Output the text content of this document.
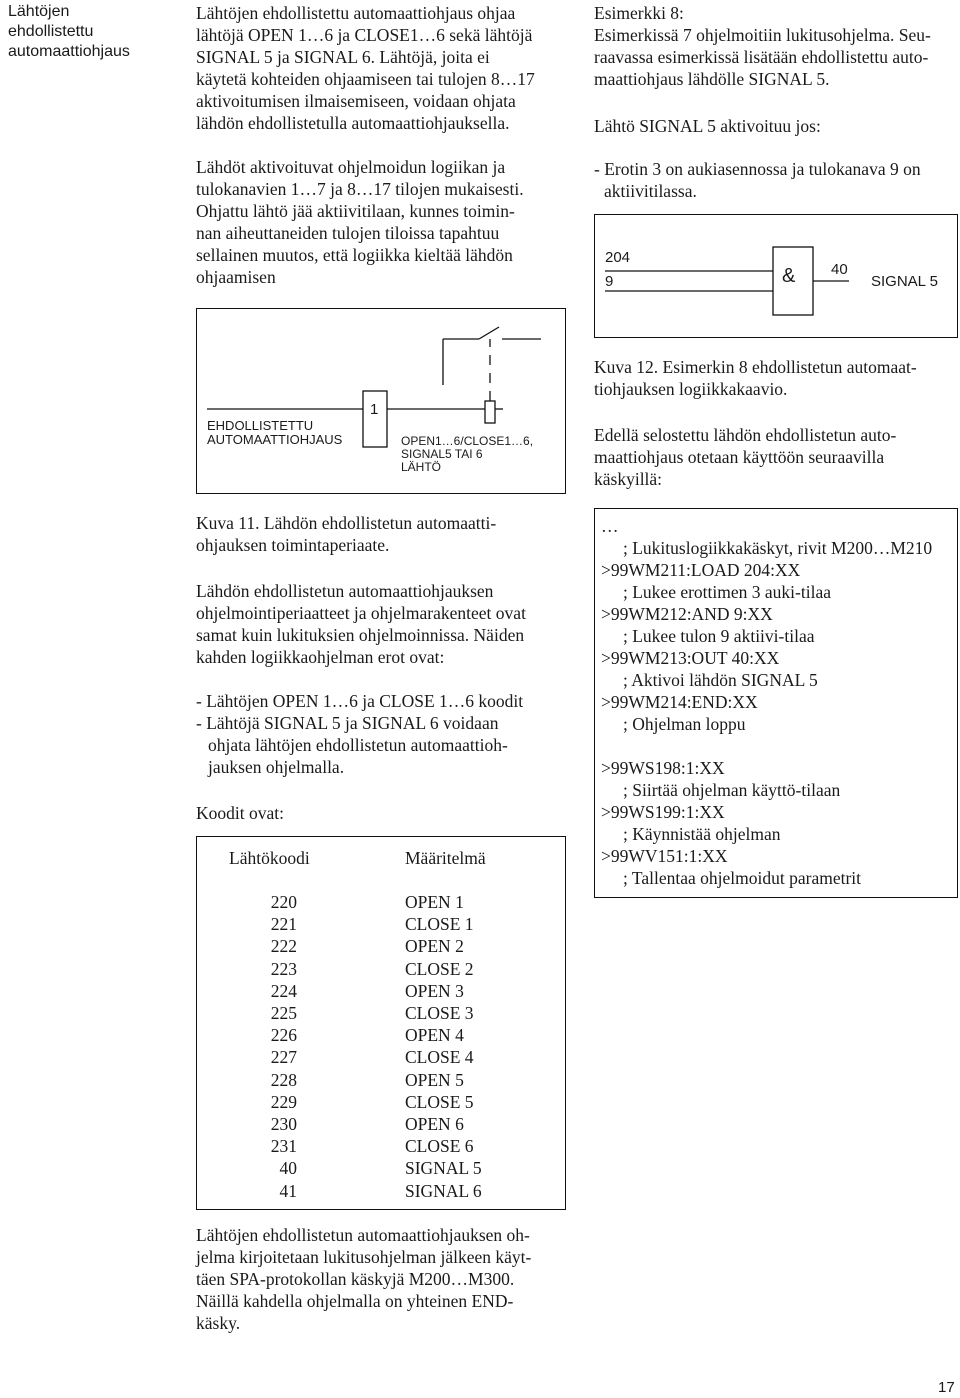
Lähtöjen
ehdollistettu
automaattiohjaus
Lähtöjen ehdollistettu automaattiohjaus ohjaa
lähtöjä OPEN 1…6 ja CLOSE1…6 sekä lähtöjä
SIGNAL 5 ja SIGNAL 6. Lähtöjä, joita ei
käytetä kohteiden ohjaamiseen tai tulojen 8…17
aktivoitumisen ilmaisemiseen, voidaan ohjata
lähdön ehdollistetulla automaattiohjauksella.
Lähdöt aktivoituvat ohjelmoidun logiikan ja
tulokanavien 1…7 ja 8…17 tilojen mukaisesti.
Ohjattu lähtö jää aktiivitilaan, kunnes toimin-
nan aiheuttaneiden tulojen tiloissa tapahtuu
sellainen muutos, että logiikka kieltää lähdön
ohjaamisen
EHDOLLISTETTU
AUTOMAATTIOHJAUS
1
OPEN1…6/CLOSE1…6,
SIGNAL5 TAI 6
LÄHTÖ
Kuva 11. Lähdön ehdollistetun automaatti-
ohjauksen toimintaperiaate.
Lähdön ehdollistetun automaattiohjauksen
ohjelmointiperiaatteet ja ohjelmarakenteet ovat
samat kuin lukituksien ohjelmoinnissa. Näiden
kahden logiikkaohjelman erot ovat:
- Lähtöjen OPEN 1…6 ja CLOSE 1…6 koodit
- Lähtöjä SIGNAL 5 ja SIGNAL 6 voidaan
ohjata lähtöjen ehdollistetun automaattioh-
jauksen ohjelmalla.
Koodit ovat:
Lähtökoodi	Määritelmä
220	OPEN 1
221	CLOSE 1
222	OPEN 2
223	CLOSE 2
224	OPEN 3
225	CLOSE 3
226	OPEN 4
227	CLOSE 4
228	OPEN 5
229	CLOSE 5
230	OPEN 6
231	CLOSE 6
40	SIGNAL 5
41	SIGNAL 6
Lähtöjen ehdollistetun automaattiohjauksen oh-
jelma kirjoitetaan lukitusohjelman jälkeen käyt-
täen SPA-protokollan käskyjä M200…M300.
Näillä kahdella ohjelmalla on yhteinen END-
käsky.
Esimerkki 8:
Esimerkissä 7 ohjelmoitiin lukitusohjelma. Seu-
raavassa esimerkissä lisätään ehdollistettu auto-
maattiohjaus lähdölle SIGNAL 5.
Lähtö SIGNAL 5 aktivoituu jos:
- Erotin 3 on aukiasennossa ja tulokanava 9 on
aktiivitilassa.
204
9	& 40
SIGNAL 5
Kuva 12. Esimerkin 8 ehdollistetun automaat-
tiohjauksen logiikkakaavio.
Edellä selostettu lähdön ehdollistetun auto-
maattiohjaus otetaan käyttöön seuraavilla
käskyillä:
…
; Lukituslogiikkakäskyt, rivit M200…M210
>99WM211:LOAD 204:XX
; Lukee erottimen 3 auki-tilaa
>99WM212:AND 9:XX
; Lukee tulon 9 aktiivi-tilaa
>99WM213:OUT 40:XX
; Aktivoi lähdön SIGNAL 5
>99WM214:END:XX
; Ohjelman loppu
>99WS198:1:XX
; Siirtää ohjelman käyttö-tilaan
>99WS199:1:XX
; Käynnistää ohjelman
>99WV151:1:XX
; Tallentaa ohjelmoidut parametrit
17
